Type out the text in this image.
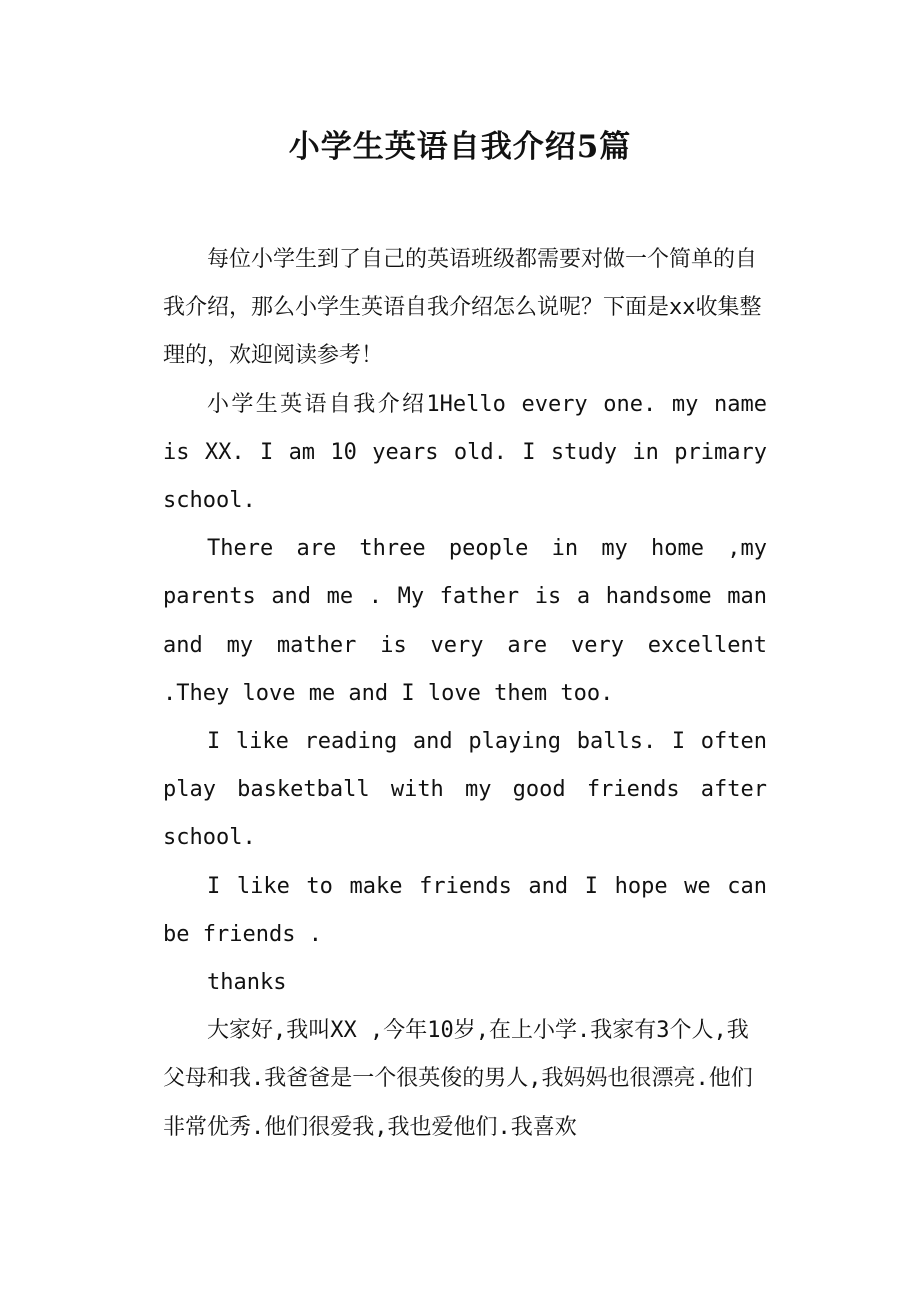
小学生英语自我介绍5篇

每位小学生到了自己的英语班级都需要对做一个简单的自我介绍，那么小学生英语自我介绍怎么说呢？下面是xx收集整理的，欢迎阅读参考！

小学生英语自我介绍1Hello every one. my name is XX. I am 10 years old. I study in primary school.

There are three people in my home ,my parents and me . My father is a handsome man and my mather is very are very excellent .They love me and I love them too.

I like reading and playing balls. I often play basketball with my good friends after school.

I like to make friends and I hope we can be friends .

thanks

大家好,我叫XX ,今年10岁,在上小学.我家有3个人,我父母和我.我爸爸是一个很英俊的男人,我妈妈也很漂亮.他们非常优秀.他们很爱我,我也爱他们.我喜欢
